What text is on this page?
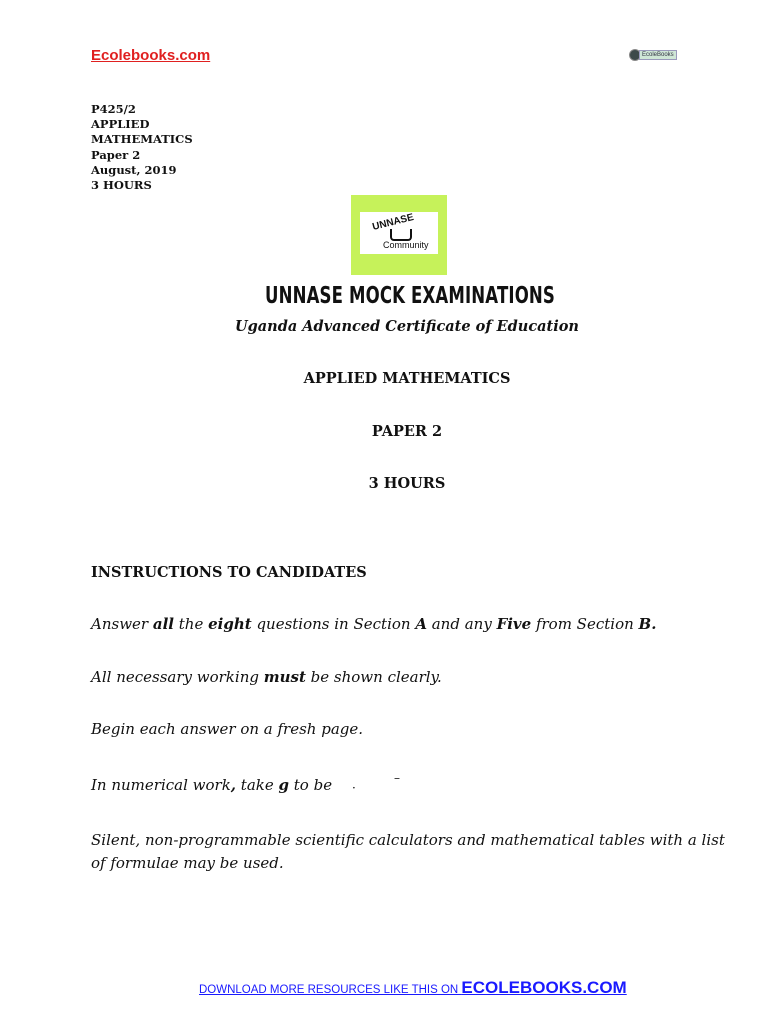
Ecolebooks.com	EcoleBooks
P425/2
APPLIED
MATHEMATICS
Paper 2
August, 2019
3 HOURS
UNNASE
Community
UNNASE MOCK EXAMINATIONS
Uganda Advanced Certificate of Education
APPLIED MATHEMATICS
PAPER 2
3 HOURS
INSTRUCTIONS TO CANDIDATES
Answer all the eight questions in Section A and any Five from Section B.
All necessary working must be shown clearly.
Begin each answer on a fresh page.
In numerical work, take g to be ·
–
Silent, non-programmable scientific calculators and mathematical tables with a list of formulae may be used.
DOWNLOAD MORE RESOURCES LIKE THIS ON ECOLEBOOKS.COM
